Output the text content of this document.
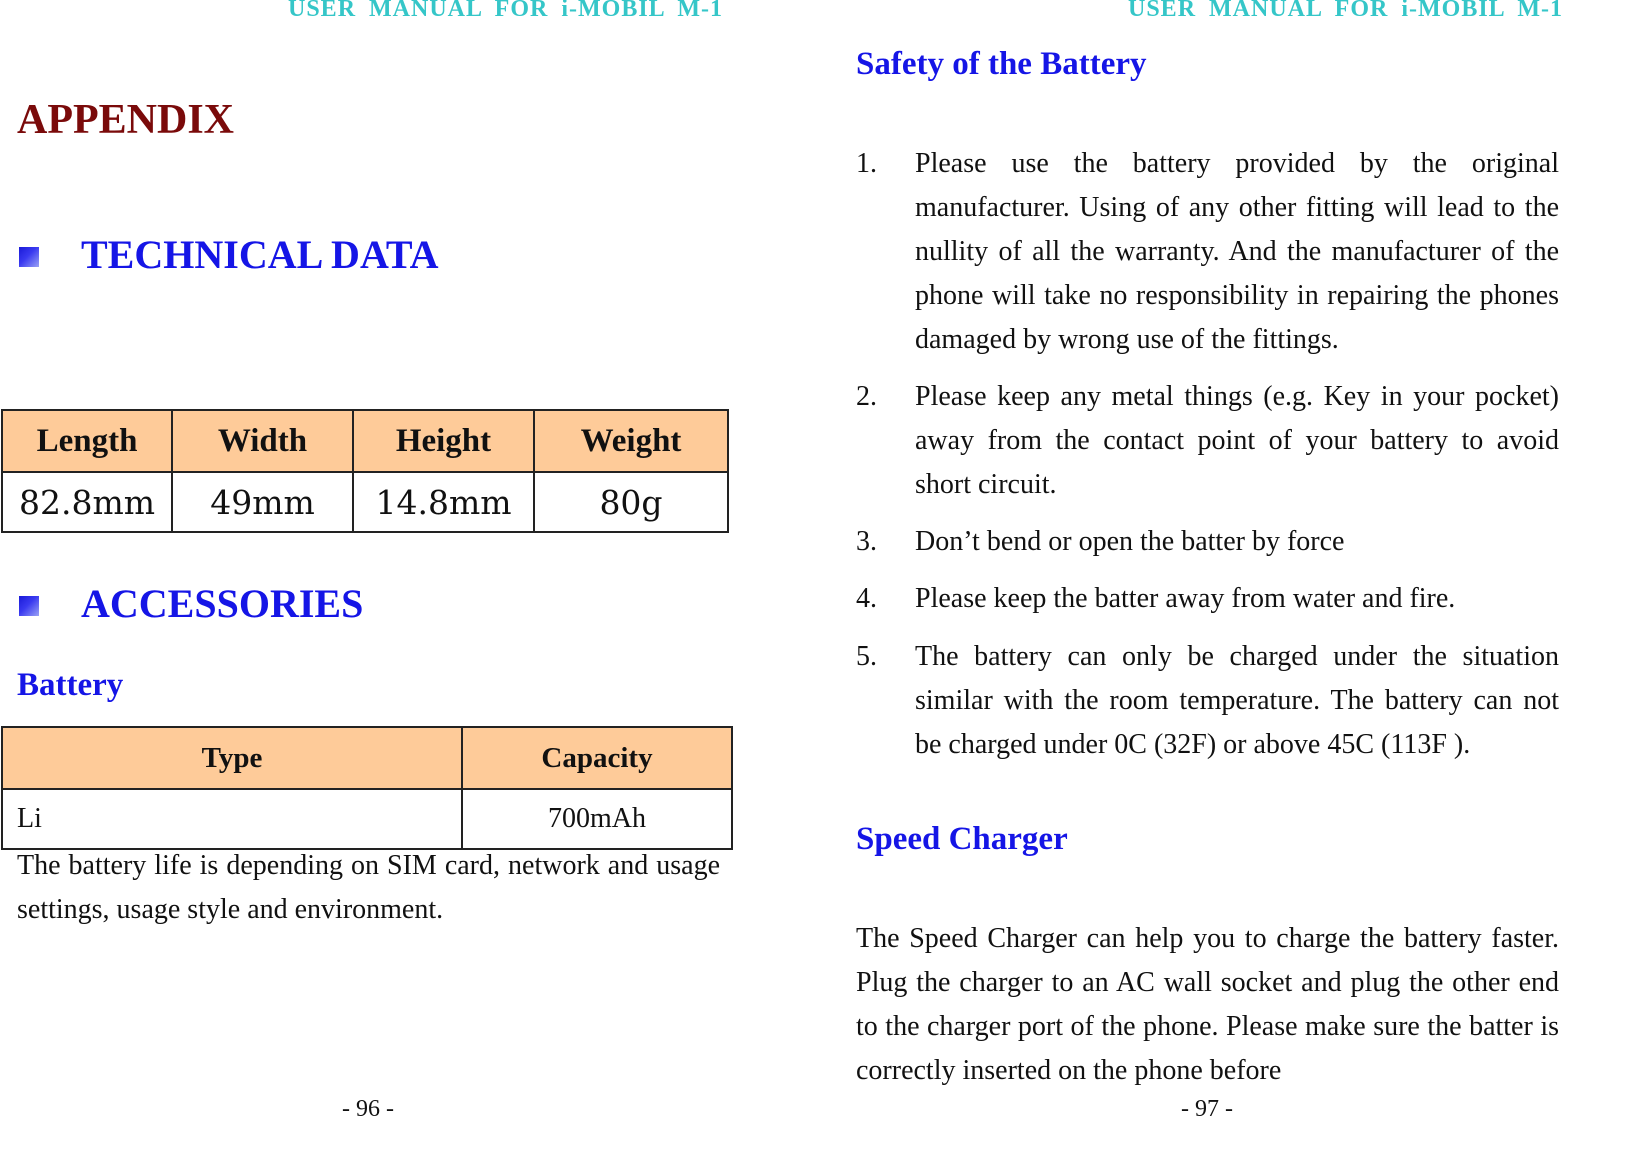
USER MANUAL FOR i-MOBIL M-1
APPENDIX
TECHNICAL DATA
Length	Width	Height	Weight
82.8mm	49mm	14.8mm	80g
ACCESSORIES
Battery
Type	Capacity
Li	700mAh
The battery life is depending on SIM card, network and usage settings, usage style and environment.
- 96 -
USER MANUAL FOR i-MOBIL M-1
Safety of the Battery
1. Please use the battery provided by the original manufacturer. Using of any other fitting will lead to the nullity of all the warranty. And the manufacturer of the phone will take no responsibility in repairing the phones damaged by wrong use of the fittings.
2. Please keep any metal things (e.g. Key in your pocket) away from the contact point of your battery to avoid short circuit.
3. Don’t bend or open the batter by force
4. Please keep the batter away from water and fire.
5. The battery can only be charged under the situation similar with the room temperature. The battery can not be charged under 0C (32F) or above 45C (113F ).
Speed Charger
The Speed Charger can help you to charge the battery faster. Plug the charger to an AC wall socket and plug the other end to the charger port of the phone. Please make sure the batter is correctly inserted on the phone before
- 97 -
